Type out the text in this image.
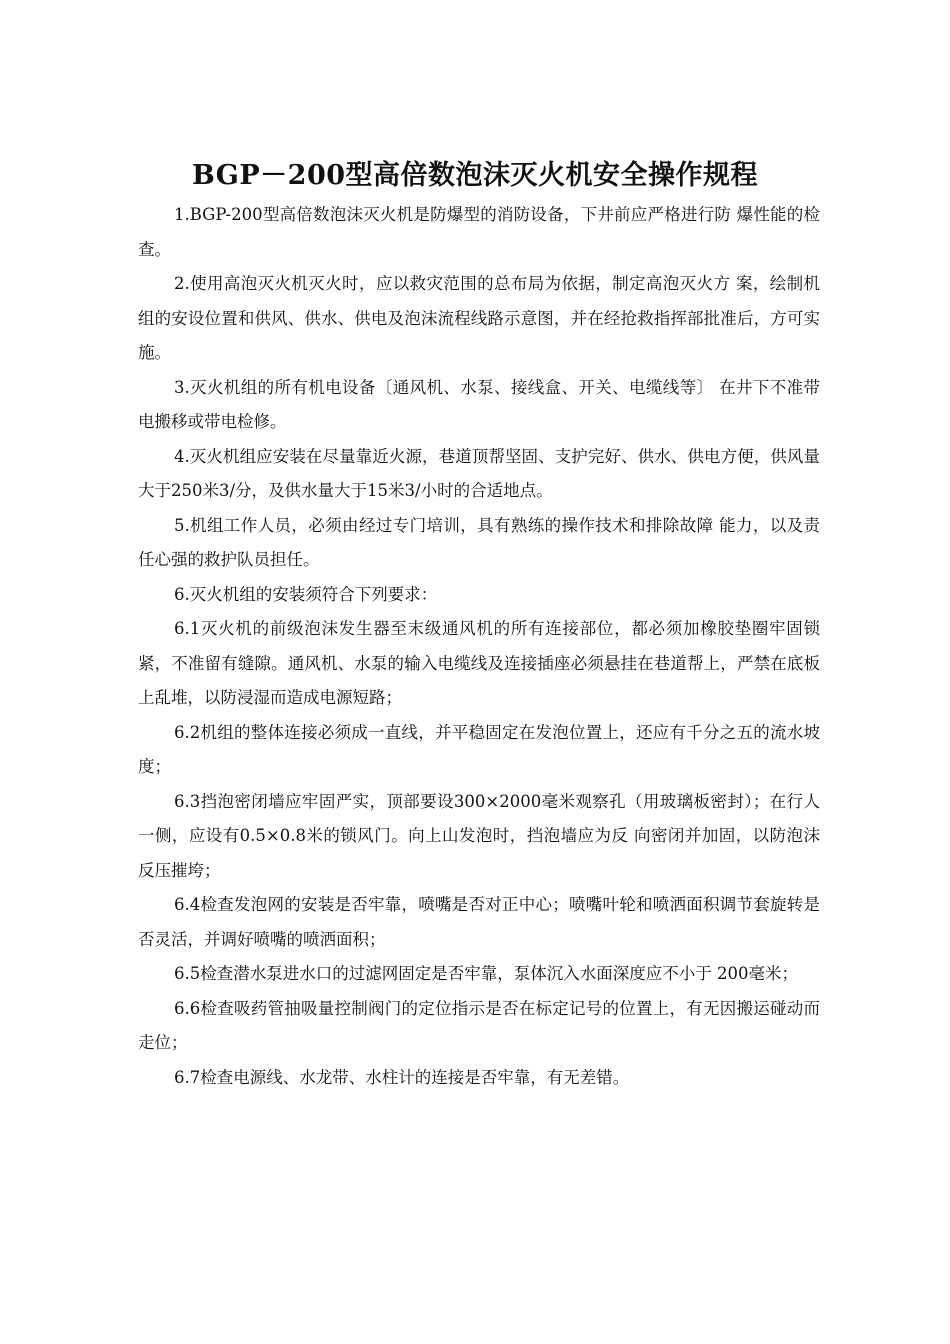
BGP－200型高倍数泡沫灭火机安全操作规程

1.BGP-200型高倍数泡沫灭火机是防爆型的消防设备，下井前应严格进行防 爆性能的检查。

2.使用高泡灭火机灭火时，应以救灾范围的总布局为依据，制定高泡灭火方 案，绘制机组的安设位置和供风、供水、供电及泡沫流程线路示意图，并在经抢救指挥部批准后，方可实施。

3.灭火机组的所有机电设备〔通风机、水泵、接线盒、开关、电缆线等〕 在井下不准带电搬移或带电检修。

4.灭火机组应安装在尽量靠近火源，巷道顶帮坚固、支护完好、供水、供电方便，供风量大于250米3/分，及供水量大于15米3/小时的合适地点。

5.机组工作人员，必须由经过专门培训，具有熟练的操作技术和排除故障 能力，以及责任心强的救护队员担任。

6.灭火机组的安装须符合下列要求：

6.1灭火机的前级泡沫发生器至末级通风机的所有连接部位，都必须加橡胶垫圈牢固锁紧，不准留有缝隙。通风机、水泵的输入电缆线及连接插座必须悬挂在巷道帮上，严禁在底板上乱堆，以防浸湿而造成电源短路；

6.2机组的整体连接必须成一直线，并平稳固定在发泡位置上，还应有千分之五的流水坡度；

6.3挡泡密闭墙应牢固严实，顶部要设300×2000毫米观察孔（用玻璃板密封）；在行人一侧，应设有0.5×0.8米的锁风门。向上山发泡时，挡泡墙应为反 向密闭并加固，以防泡沫反压摧垮；

6.4检查发泡网的安装是否牢靠，喷嘴是否对正中心；喷嘴叶轮和喷洒面积调节套旋转是否灵活，并调好喷嘴的喷洒面积；

6.5检查潜水泵进水口的过滤网固定是否牢靠，泵体沉入水面深度应不小于 200毫米；

6.6检查吸药管抽吸量控制阀门的定位指示是否在标定记号的位置上，有无因搬运碰动而走位；

6.7检查电源线、水龙带、水柱计的连接是否牢靠，有无差错。
